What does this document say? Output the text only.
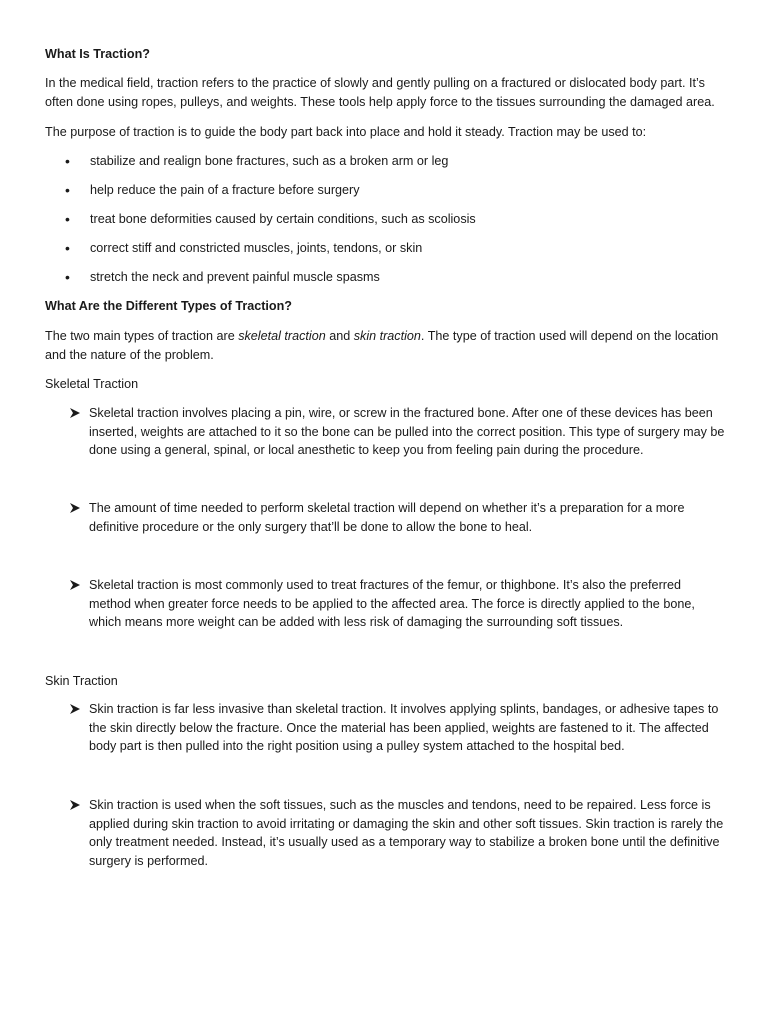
What Is Traction?
In the medical field, traction refers to the practice of slowly and gently pulling on a fractured or dislocated body part. It’s often done using ropes, pulleys, and weights. These tools help apply force to the tissues surrounding the damaged area.
The purpose of traction is to guide the body part back into place and hold it steady. Traction may be used to:
• stabilize and realign bone fractures, such as a broken arm or leg
• help reduce the pain of a fracture before surgery
• treat bone deformities caused by certain conditions, such as scoliosis
• correct stiff and constricted muscles, joints, tendons, or skin
• stretch the neck and prevent painful muscle spasms
What Are the Different Types of Traction?
The two main types of traction are skeletal traction and skin traction. The type of traction used will depend on the location and the nature of the problem.
Skeletal Traction
Skeletal traction involves placing a pin, wire, or screw in the fractured bone. After one of these devices has been inserted, weights are attached to it so the bone can be pulled into the correct position. This type of surgery may be done using a general, spinal, or local anesthetic to keep you from feeling pain during the procedure.
The amount of time needed to perform skeletal traction will depend on whether it’s a preparation for a more definitive procedure or the only surgery that’ll be done to allow the bone to heal.
Skeletal traction is most commonly used to treat fractures of the femur, or thighbone. It’s also the preferred method when greater force needs to be applied to the affected area. The force is directly applied to the bone, which means more weight can be added with less risk of damaging the surrounding soft tissues.
Skin Traction
Skin traction is far less invasive than skeletal traction. It involves applying splints, bandages, or adhesive tapes to the skin directly below the fracture. Once the material has been applied, weights are fastened to it. The affected body part is then pulled into the right position using a pulley system attached to the hospital bed.
Skin traction is used when the soft tissues, such as the muscles and tendons, need to be repaired. Less force is applied during skin traction to avoid irritating or damaging the skin and other soft tissues. Skin traction is rarely the only treatment needed. Instead, it’s usually used as a temporary way to stabilize a broken bone until the definitive surgery is performed.
